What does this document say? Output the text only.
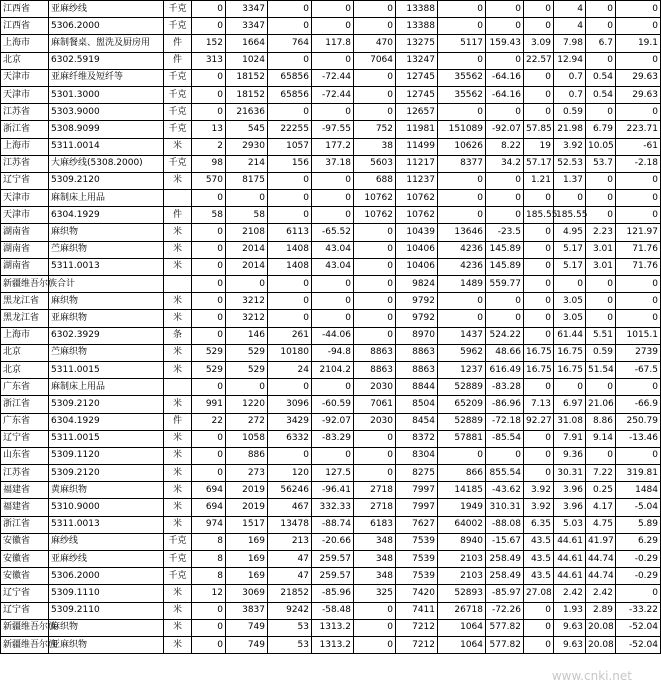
江西省	亚麻纱线	千克	0	3347	0	0	0	13388	0	0	0	4	0	0
江西省	5306.2000	千克	0	3347	0	0	0	13388	0	0	0	4	0	0
上海市	麻制餐桌、盥洗及厨房用	件	152	1664	764	117.8	470	13275	5117	159.43	3.09	7.98	6.7	19.1
北京	6302.5919	件	313	1024	0	0	7064	13247	0	0	22.57	12.94	0	0
天津市	亚麻纤维及短纤等	千克	0	18152	65856	-72.44	0	12745	35562	-64.16	0	0.7	0.54	29.63
天津市	5301.3000	千克	0	18152	65856	-72.44	0	12745	35562	-64.16	0	0.7	0.54	29.63
江苏省	5303.9000	千克	0	21636	0	0	0	12657	0	0	0	0.59	0	0
浙江省	5308.9099	千克	13	545	22255	-97.55	752	11981	151089	-92.07	57.85	21.98	6.79	223.71
上海市	5311.0014	米	2	2930	1057	177.2	38	11499	10626	8.22	19	3.92	10.05	-61
江苏省	大麻纱线(5308.2000)	千克	98	214	156	37.18	5603	11217	8377	34.2	57.17	52.53	53.7	-2.18
辽宁省	5309.2120	米	570	8175	0	0	688	11237	0	0	1.21	1.37	0	0
天津市	麻制床上用品		0	0	0	0	10762	10762	0	0	0	0	0	0
天津市	6304.1929	件	58	58	0	0	10762	10762	0	0	185.55	185.55	0	0
湖南省	麻织物	米	0	2108	6113	-65.52	0	10439	13646	-23.5	0	4.95	2.23	121.97
湖南省	苎麻织物	米	0	2014	1408	43.04	0	10406	4236	145.89	0	5.17	3.01	71.76
湖南省	5311.0013	米	0	2014	1408	43.04	0	10406	4236	145.89	0	5.17	3.01	71.76
新疆维吾尔族合计			0	0	0	0	0	9824	1489	559.77	0	0	0	0
黑龙江省	麻织物	米	0	3212	0	0	0	9792	0	0	0	3.05	0	0
黑龙江省	亚麻织物	米	0	3212	0	0	0	9792	0	0	0	3.05	0	0
上海市	6302.3929	条	0	146	261	-44.06	0	8970	1437	524.22	0	61.44	5.51	1015.1
北京	苎麻织物	米	529	529	10180	-94.8	8863	8863	5962	48.66	16.75	16.75	0.59	2739
北京	5311.0015	米	529	529	24	2104.2	8863	8863	1237	616.49	16.75	16.75	51.54	-67.5
广东省	麻制床上用品		0	0	0	0	2030	8844	52889	-83.28	0	0	0	0
浙江省	5309.2120	米	991	1220	3096	-60.59	7061	8504	65209	-86.96	7.13	6.97	21.06	-66.9
广东省	6304.1929	件	22	272	3429	-92.07	2030	8454	52889	-72.18	92.27	31.08	8.86	250.79
辽宁省	5311.0015	米	0	1058	6332	-83.29	0	8372	57881	-85.54	0	7.91	9.14	-13.46
山东省	5309.1120	米	0	886	0	0	0	8304	0	0	0	9.36	0	0
江苏省	5309.2120	米	0	273	120	127.5	0	8275	866	855.54	0	30.31	7.22	319.81
福建省	黄麻织物	米	694	2019	56246	-96.41	2718	7997	14185	-43.62	3.92	3.96	0.25	1484
福建省	5310.9000	米	694	2019	467	332.33	2718	7997	1949	310.31	3.92	3.96	4.17	-5.04
浙江省	5311.0013	米	974	1517	13478	-88.74	6183	7627	64002	-88.08	6.35	5.03	4.75	5.89
安徽省	麻纱线	千克	8	169	213	-20.66	348	7539	8940	-15.67	43.5	44.61	41.97	6.29
安徽省	亚麻纱线	千克	8	169	47	259.57	348	7539	2103	258.49	43.5	44.61	44.74	-0.29
安徽省	5306.2000	千克	8	169	47	259.57	348	7539	2103	258.49	43.5	44.61	44.74	-0.29
辽宁省	5309.1110	米	12	3069	21852	-85.96	325	7420	52893	-85.97	27.08	2.42	2.42	0
辽宁省	5309.2110	米	0	3837	9242	-58.48	0	7411	26718	-72.26	0	1.93	2.89	-33.22
新疆维吾尔族	麻织物	米	0	749	53	1313.2	0	7212	1064	577.82	0	9.63	20.08	-52.04
新疆维吾尔族	亚麻织物	米	0	749	53	1313.2	0	7212	1064	577.82	0	9.63	20.08	-52.04
www.cnki.net
